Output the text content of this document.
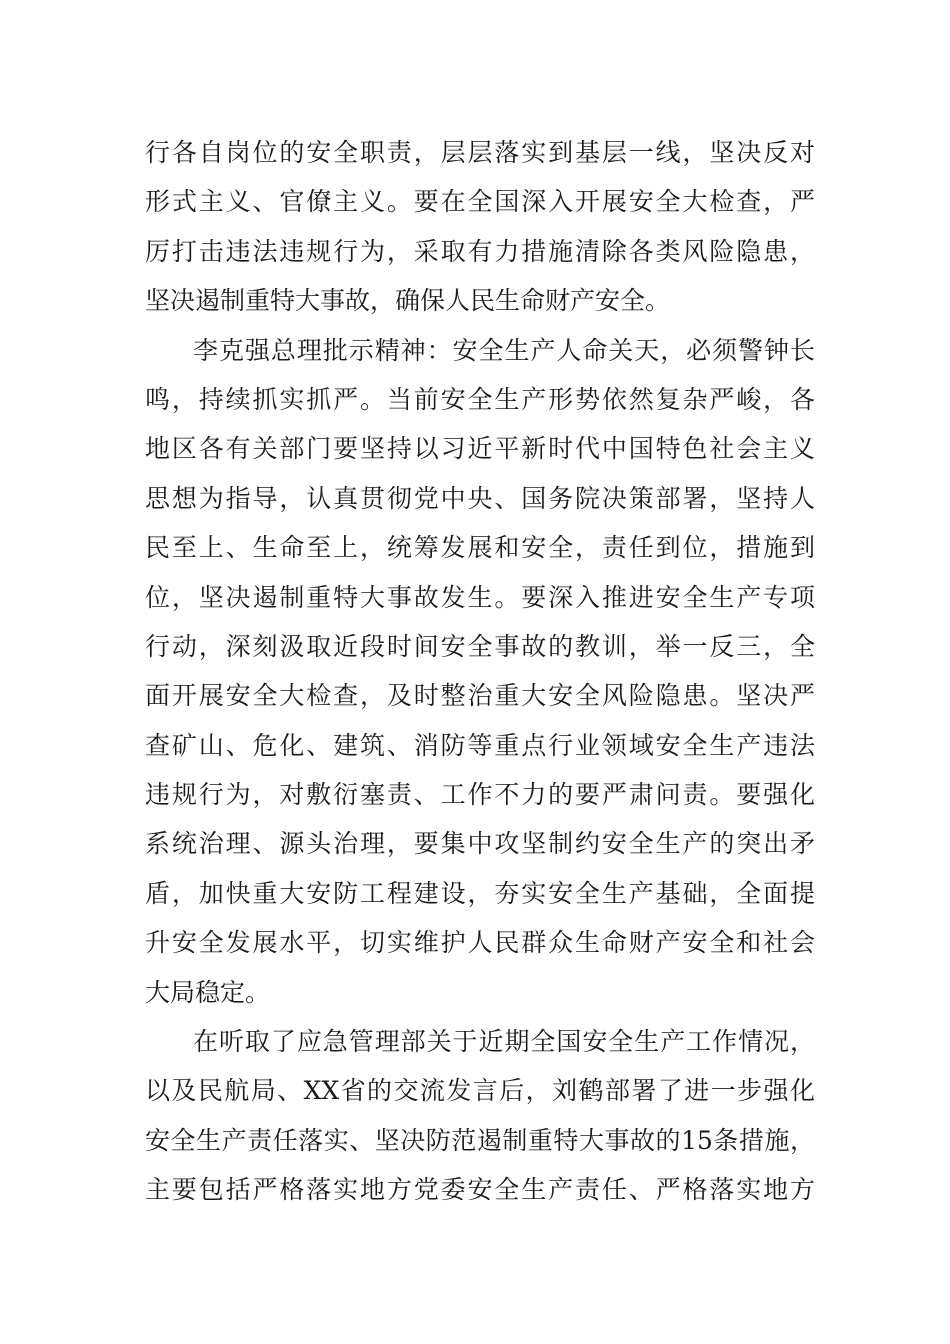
行各自岗位的安全职责，层层落实到基层一线，坚决反对
形式主义、官僚主义。要在全国深入开展安全大检查，严
厉打击违法违规行为，采取有力措施清除各类风险隐患，
坚决遏制重特大事故，确保人民生命财产安全。
李克强总理批示精神：安全生产人命关天，必须警钟长
鸣，持续抓实抓严。当前安全生产形势依然复杂严峻，各
地区各有关部门要坚持以习近平新时代中国特色社会主义
思想为指导，认真贯彻党中央、国务院决策部署，坚持人
民至上、生命至上，统筹发展和安全，责任到位，措施到
位，坚决遏制重特大事故发生。要深入推进安全生产专项
行动，深刻汲取近段时间安全事故的教训，举一反三，全
面开展安全大检查，及时整治重大安全风险隐患。坚决严
查矿山、危化、建筑、消防等重点行业领域安全生产违法
违规行为，对敷衍塞责、工作不力的要严肃问责。要强化
系统治理、源头治理，要集中攻坚制约安全生产的突出矛
盾，加快重大安防工程建设，夯实安全生产基础，全面提
升安全发展水平，切实维护人民群众生命财产安全和社会
大局稳定。
在听取了应急管理部关于近期全国安全生产工作情况，
以及民航局、XX省的交流发言后，刘鹤部署了进一步强化
安全生产责任落实、坚决防范遏制重特大事故的15条措施，
主要包括严格落实地方党委安全生产责任、严格落实地方
